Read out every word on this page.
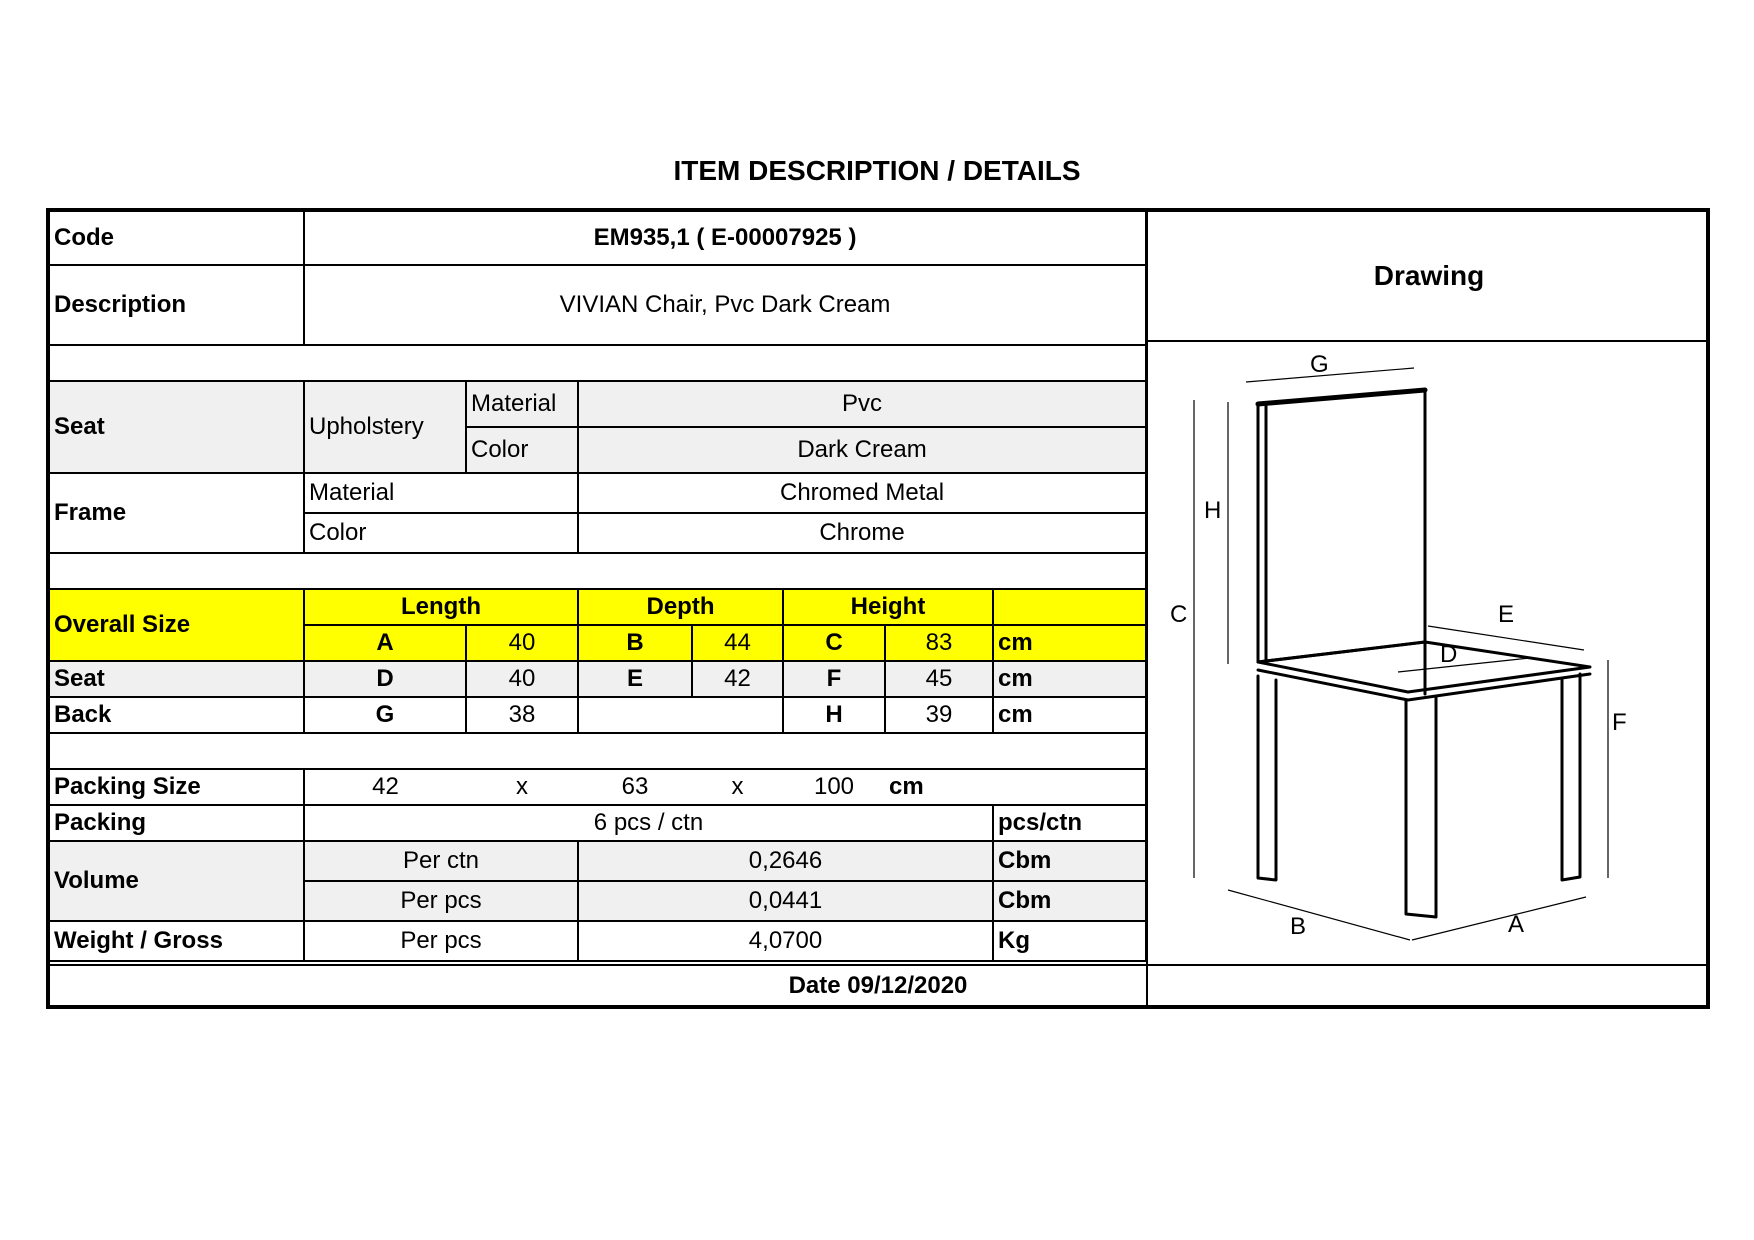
ITEM DESCRIPTION / DETAILS
Code	EM935,1 ( E-00007925 )						
Description	VIVIAN Chair, Pvc Dark Cream						

Seat	Upholstery	Material	Pvc				
		Color	Dark Cream				
Frame	Material		Chromed Metal				
	Color		Chrome				

Overall Size	Length		Depth		Height		
	A	40	B	44	C	83	cm
Seat	D	40	E	42	F	45	cm
Back	G	38			H	39	cm

Packing Size	42	x	63	x	100	cm	
Packing	6 pcs / ctn						pcs/ctn
Volume	Per ctn		0,2646				Cbm
	Per pcs		0,0441				Cbm
Weight / Gross	Per pcs		4,0700				Kg
Drawing
G
H
C	E
D
F
B	A
Date 09/12/2020
